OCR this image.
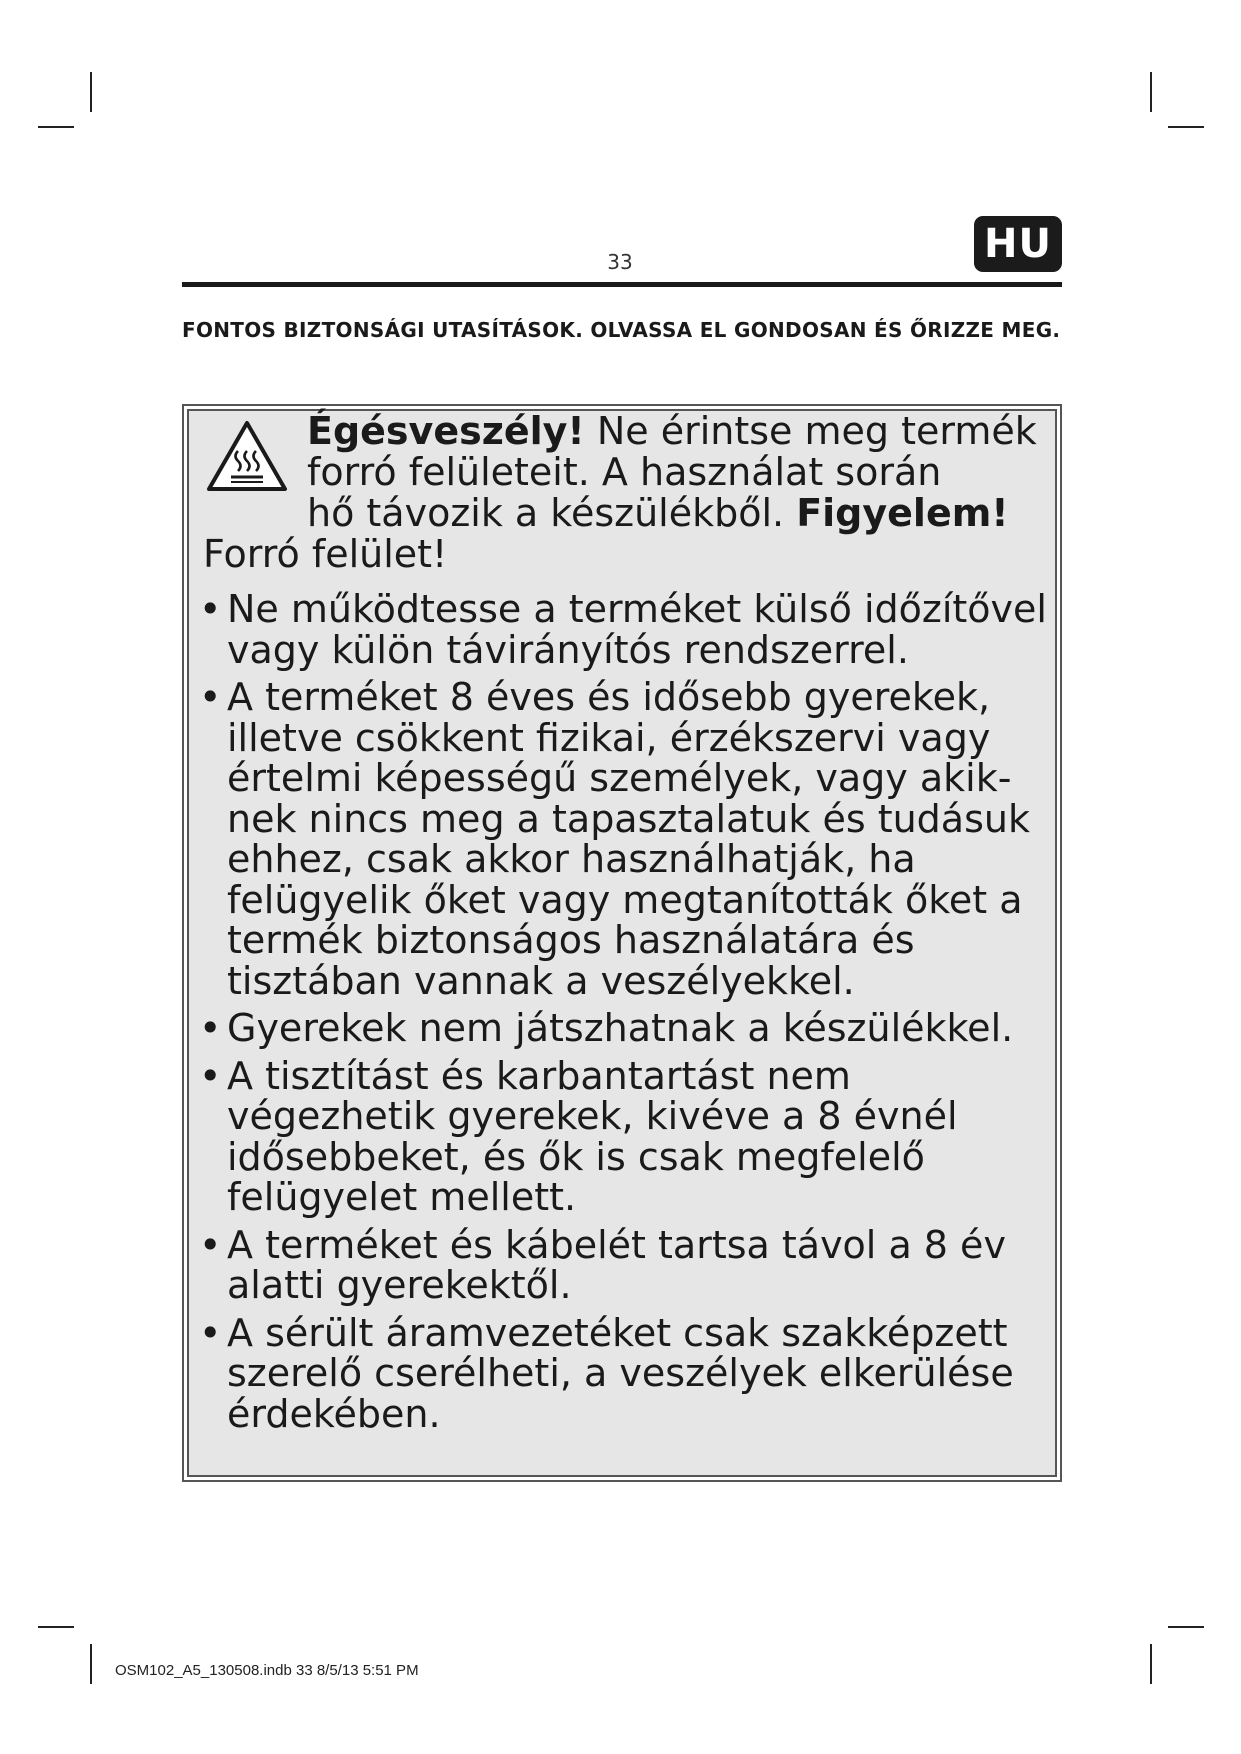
33	HU
FONTOS BIZTONSÁGI UTASÍTÁSOK. OLVASSA EL GONDOSAN ÉS ŐRIZZE MEG.
Égésveszély! Ne érintse meg termék
forró felületeit. A használat során
hő távozik a készülékből. Figyelem!
Forró felület!
• Ne működtesse a terméket külső időzítővel vagy külön távirányítós rendszerrel.
• A terméket 8 éves és idősebb gyerekek, illetve csökkent fizikai, érzékszervi vagy értelmi képességű személyek, vagy akiknek nincs meg a tapasztalatuk és tudásuk ehhez, csak akkor használhatják, ha felügyelik őket vagy megtanították őket a termék biztonságos használatára és tisztában vannak a veszélyekkel.
• Gyerekek nem játszhatnak a készülékkel.
• A tisztítást és karbantartást nem végezhetik gyerekek, kivéve a 8 évnél idősebbeket, és ők is csak megfelelő felügyelet mellett.
• A terméket és kábelét tartsa távol a 8 év alatti gyerekektől.
• A sérült áramvezetéket csak szakképzett szerelő cserélheti, a veszélyek elkerülése érdekében.
OSM102_A5_130508.indb 33 8/5/13 5:51 PM
